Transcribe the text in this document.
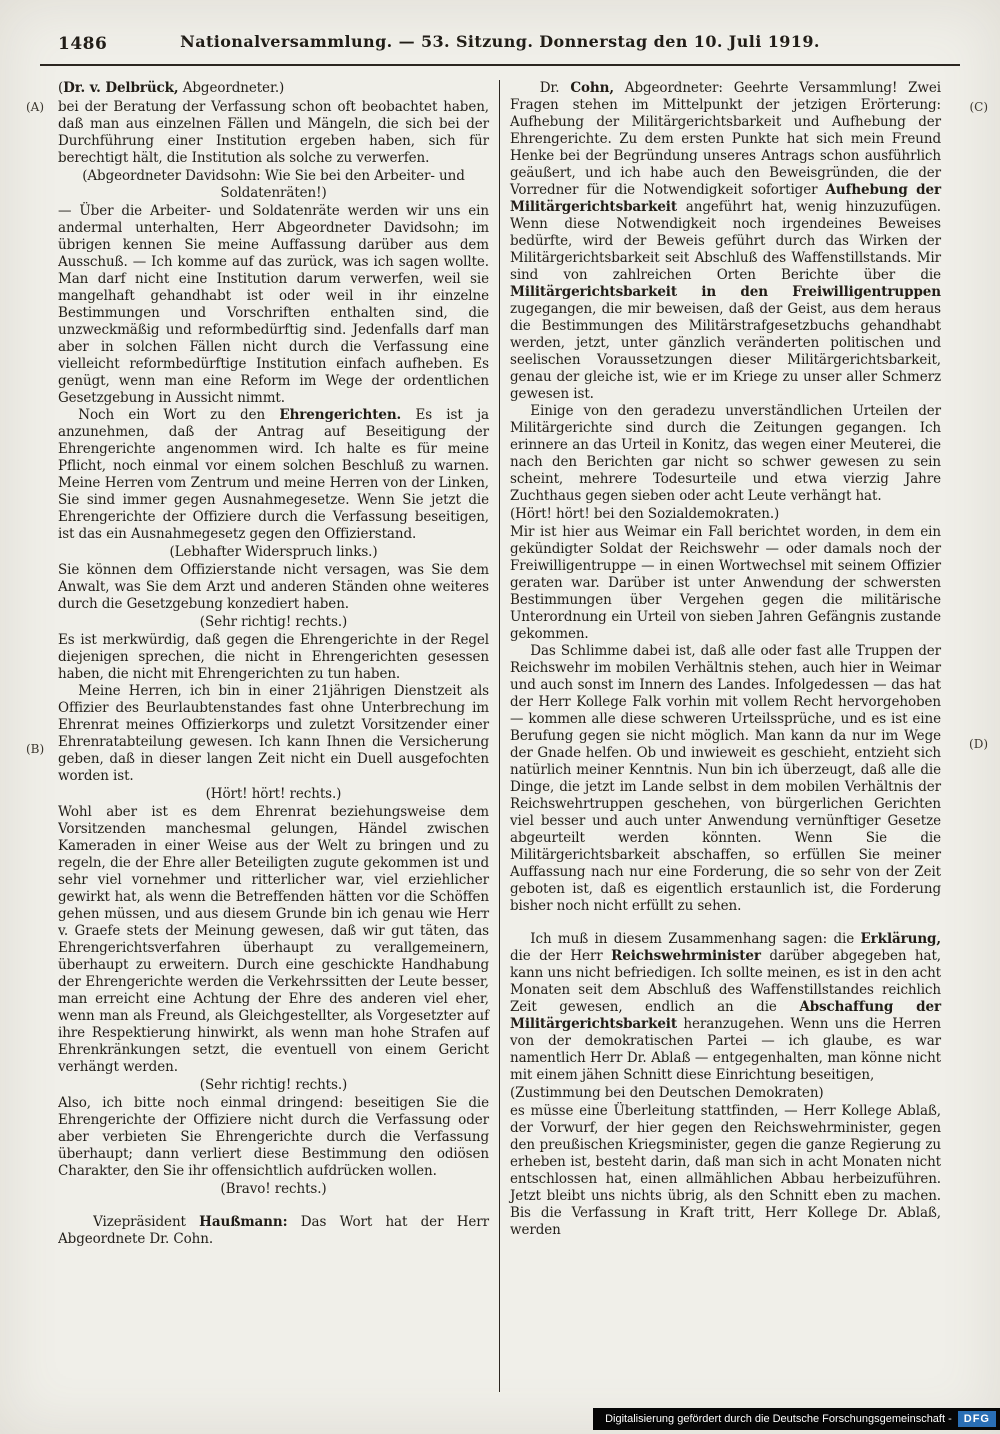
1486	Nationalversammlung. — 53. Sitzung. Donnerstag den 10. Juli 1919.
(A)
(B)
(C)
(D)
(Dr. v. Delbrück, Abgeordneter.)
bei der Beratung der Verfassung schon oft beobachtet haben, daß man aus einzelnen Fällen und Mängeln, die sich bei der Durchführung einer Institution ergeben haben, sich für berechtigt hält, die Institution als solche zu verwerfen.
(Abgeordneter Davidsohn: Wie Sie bei den Arbeiter- und Soldatenräten!)
— Über die Arbeiter- und Soldatenräte werden wir uns ein andermal unterhalten, Herr Abgeordneter Davidsohn; im übrigen kennen Sie meine Auffassung darüber aus dem Ausschuß. — Ich komme auf das zurück, was ich sagen wollte. Man darf nicht eine Institution darum verwerfen, weil sie mangelhaft gehandhabt ist oder weil in ihr einzelne Bestimmungen und Vorschriften enthalten sind, die unzweckmäßig und reformbedürftig sind. Jedenfalls darf man aber in solchen Fällen nicht durch die Verfassung eine vielleicht reformbedürftige Institution einfach aufheben. Es genügt, wenn man eine Reform im Wege der ordentlichen Gesetzgebung in Aussicht nimmt.
Noch ein Wort zu den Ehrengerichten. Es ist ja anzunehmen, daß der Antrag auf Beseitigung der Ehrengerichte angenommen wird. Ich halte es für meine Pflicht, noch einmal vor einem solchen Beschluß zu warnen. Meine Herren vom Zentrum und meine Herren von der Linken, Sie sind immer gegen Ausnahmegesetze. Wenn Sie jetzt die Ehrengerichte der Offiziere durch die Verfassung beseitigen, ist das ein Ausnahmegesetz gegen den Offizierstand.
(Lebhafter Widerspruch links.)
Sie können dem Offizierstande nicht versagen, was Sie dem Anwalt, was Sie dem Arzt und anderen Ständen ohne weiteres durch die Gesetzgebung konzediert haben.
(Sehr richtig! rechts.)
Es ist merkwürdig, daß gegen die Ehrengerichte in der Regel diejenigen sprechen, die nicht in Ehrengerichten gesessen haben, die nicht mit Ehrengerichten zu tun haben.
Meine Herren, ich bin in einer 21jährigen Dienstzeit als Offizier des Beurlaubtenstandes fast ohne Unterbrechung im Ehrenrat meines Offizierkorps und zuletzt Vorsitzender einer Ehrenratabteilung gewesen. Ich kann Ihnen die Versicherung geben, daß in dieser langen Zeit nicht ein Duell ausgefochten worden ist.
(Hört! hört! rechts.)
Wohl aber ist es dem Ehrenrat beziehungsweise dem Vorsitzenden manchesmal gelungen, Händel zwischen Kameraden in einer Weise aus der Welt zu bringen und zu regeln, die der Ehre aller Beteiligten zugute gekommen ist und sehr viel vornehmer und ritterlicher war, viel erziehlicher gewirkt hat, als wenn die Betreffenden hätten vor die Schöffen gehen müssen, und aus diesem Grunde bin ich genau wie Herr v. Graefe stets der Meinung gewesen, daß wir gut täten, das Ehrengerichtsverfahren überhaupt zu verallgemeinern, überhaupt zu erweitern. Durch eine geschickte Handhabung der Ehrengerichte werden die Verkehrssitten der Leute besser, man erreicht eine Achtung der Ehre des anderen viel eher, wenn man als Freund, als Gleichgestellter, als Vorgesetzter auf ihre Respektierung hinwirkt, als wenn man hohe Strafen auf Ehrenkränkungen setzt, die eventuell von einem Gericht verhängt werden.
(Sehr richtig! rechts.)
Also, ich bitte noch einmal dringend: beseitigen Sie die Ehrengerichte der Offiziere nicht durch die Verfassung oder aber verbieten Sie Ehrengerichte durch die Verfassung überhaupt; dann verliert diese Bestimmung den odiösen Charakter, den Sie ihr offensichtlich aufdrücken wollen.
(Bravo! rechts.)
Vizepräsident Haußmann: Das Wort hat der Herr Abgeordnete Dr. Cohn.
Dr. Cohn, Abgeordneter: Geehrte Versammlung! Zwei Fragen stehen im Mittelpunkt der jetzigen Erörterung: Aufhebung der Militärgerichtsbarkeit und Aufhebung der Ehrengerichte. Zu dem ersten Punkte hat sich mein Freund Henke bei der Begründung unseres Antrags schon ausführlich geäußert, und ich habe auch den Beweisgründen, die der Vorredner für die Notwendigkeit sofortiger Aufhebung der Militärgerichtsbarkeit angeführt hat, wenig hinzuzufügen. Wenn diese Notwendigkeit noch irgendeines Beweises bedürfte, wird der Beweis geführt durch das Wirken der Militärgerichtsbarkeit seit Abschluß des Waffenstillstands. Mir sind von zahlreichen Orten Berichte über die Militärgerichtsbarkeit in den Freiwilligentruppen zugegangen, die mir beweisen, daß der Geist, aus dem heraus die Bestimmungen des Militärstrafgesetzbuchs gehandhabt werden, jetzt, unter gänzlich veränderten politischen und seelischen Voraussetzungen dieser Militärgerichtsbarkeit, genau der gleiche ist, wie er im Kriege zu unser aller Schmerz gewesen ist.
Einige von den geradezu unverständlichen Urteilen der Militärgerichte sind durch die Zeitungen gegangen. Ich erinnere an das Urteil in Konitz, das wegen einer Meuterei, die nach den Berichten gar nicht so schwer gewesen zu sein scheint, mehrere Todesurteile und etwa vierzig Jahre Zuchthaus gegen sieben oder acht Leute verhängt hat.
(Hört! hört! bei den Sozialdemokraten.)
Mir ist hier aus Weimar ein Fall berichtet worden, in dem ein gekündigter Soldat der Reichswehr — oder damals noch der Freiwilligentruppe — in einen Wortwechsel mit seinem Offizier geraten war. Darüber ist unter Anwendung der schwersten Bestimmungen über Vergehen gegen die militärische Unterordnung ein Urteil von sieben Jahren Gefängnis zustande gekommen.
Das Schlimme dabei ist, daß alle oder fast alle Truppen der Reichswehr im mobilen Verhältnis stehen, auch hier in Weimar und auch sonst im Innern des Landes. Infolgedessen — das hat der Herr Kollege Falk vorhin mit vollem Recht hervorgehoben — kommen alle diese schweren Urteilssprüche, und es ist eine Berufung gegen sie nicht möglich. Man kann da nur im Wege der Gnade helfen. Ob und inwieweit es geschieht, entzieht sich natürlich meiner Kenntnis. Nun bin ich überzeugt, daß alle die Dinge, die jetzt im Lande selbst in dem mobilen Verhältnis der Reichswehrtruppen geschehen, von bürgerlichen Gerichten viel besser und auch unter Anwendung vernünftiger Gesetze abgeurteilt werden könnten. Wenn Sie die Militärgerichtsbarkeit abschaffen, so erfüllen Sie meiner Auffassung nach nur eine Forderung, die so sehr von der Zeit geboten ist, daß es eigentlich erstaunlich ist, die Forderung bisher noch nicht erfüllt zu sehen.
Ich muß in diesem Zusammenhang sagen: die Erklärung, die der Herr Reichswehrminister darüber abgegeben hat, kann uns nicht befriedigen. Ich sollte meinen, es ist in den acht Monaten seit dem Abschluß des Waffenstillstandes reichlich Zeit gewesen, endlich an die Abschaffung der Militärgerichtsbarkeit heranzugehen. Wenn uns die Herren von der demokratischen Partei — ich glaube, es war namentlich Herr Dr. Ablaß — entgegenhalten, man könne nicht mit einem jähen Schnitt diese Einrichtung beseitigen,
(Zustimmung bei den Deutschen Demokraten)
es müsse eine Überleitung stattfinden, — Herr Kollege Ablaß, der Vorwurf, der hier gegen den Reichswehrminister, gegen den preußischen Kriegsminister, gegen die ganze Regierung zu erheben ist, besteht darin, daß man sich in acht Monaten nicht entschlossen hat, einen allmählichen Abbau herbeizuführen. Jetzt bleibt uns nichts übrig, als den Schnitt eben zu machen. Bis die Verfassung in Kraft tritt, Herr Kollege Dr. Ablaß, werden
Digitalisierung gefördert durch die Deutsche Forschungsgemeinschaft -	DFG
